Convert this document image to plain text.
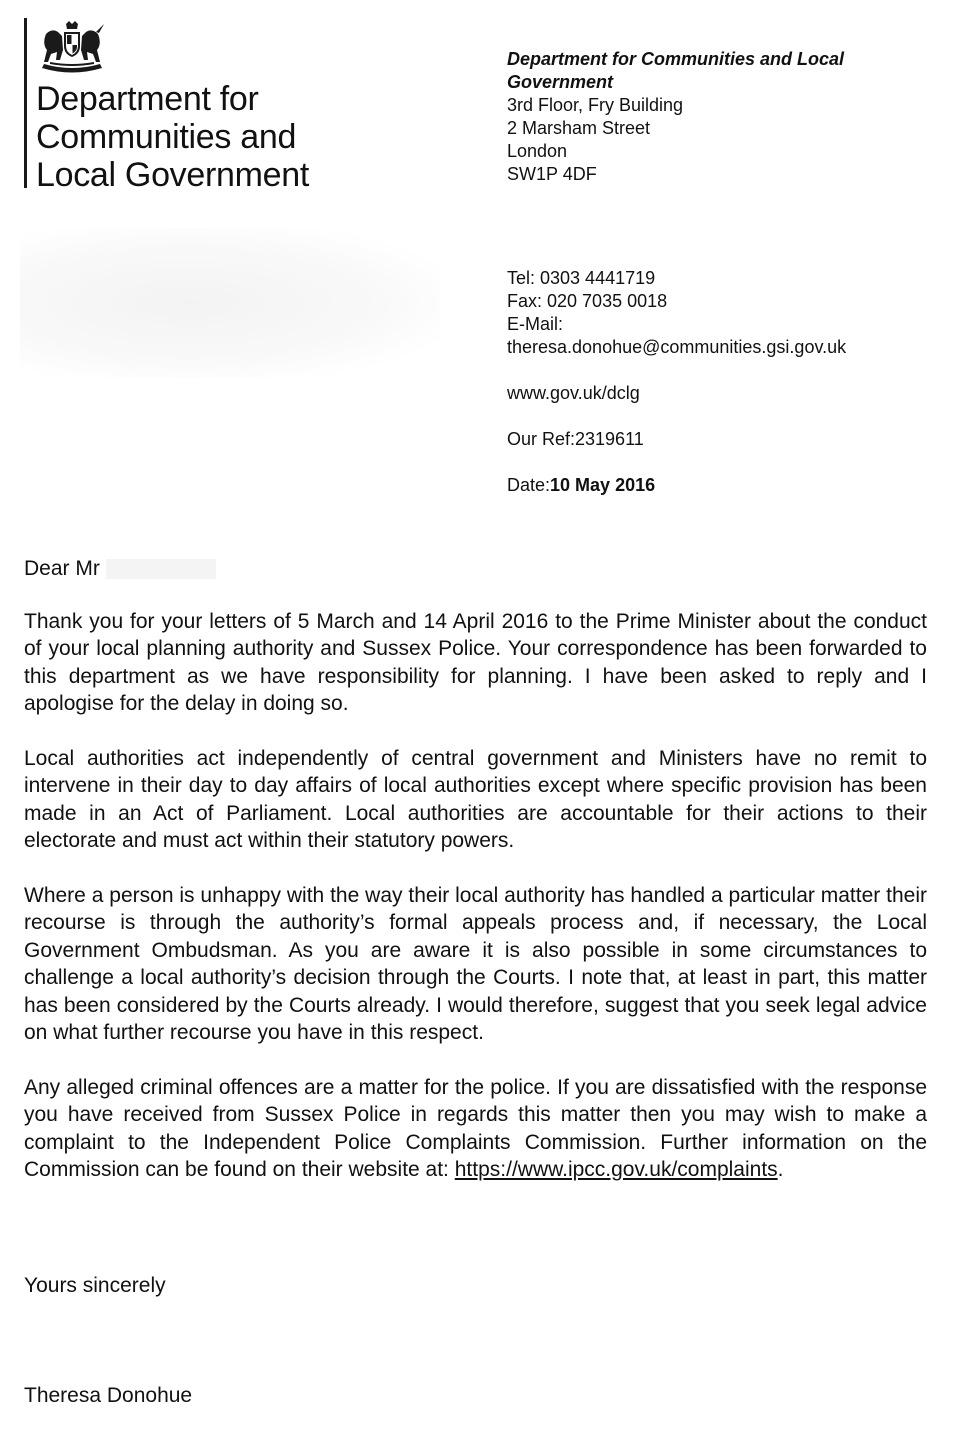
Department for
Communities and
Local Government
Department for Communities and Local
Government
3rd Floor, Fry Building
2 Marsham Street
London
SW1P 4DF
Tel: 0303 4441719
Fax: 020 7035 0018
E-Mail:
theresa.donohue@communities.gsi.gov.uk
www.gov.uk/dclg
Our Ref:2319611
Date:10 May 2016
Dear Mr

Thank you for your letters of 5 March and 14 April 2016 to the Prime Minister about the conduct of your local planning authority and Sussex Police. Your correspondence has been forwarded to this department as we have responsibility for planning. I have been asked to reply and I apologise for the delay in doing so.

Local authorities act independently of central government and Ministers have no remit to intervene in their day to day affairs of local authorities except where specific provision has been made in an Act of Parliament. Local authorities are accountable for their actions to their electorate and must act within their statutory powers.

Where a person is unhappy with the way their local authority has handled a particular matter their recourse is through the authority’s formal appeals process and, if necessary, the Local Government Ombudsman. As you are aware it is also possible in some circumstances to challenge a local authority’s decision through the Courts. I note that, at least in part, this matter has been considered by the Courts already. I would therefore, suggest that you seek legal advice on what further recourse you have in this respect.

Any alleged criminal offences are a matter for the police. If you are dissatisfied with the response you have received from Sussex Police in regards this matter then you may wish to make a complaint to the Independent Police Complaints Commission. Further information on the Commission can be found on their website at: https://www.ipcc.gov.uk/complaints.

Yours sincerely
Theresa Donohue
